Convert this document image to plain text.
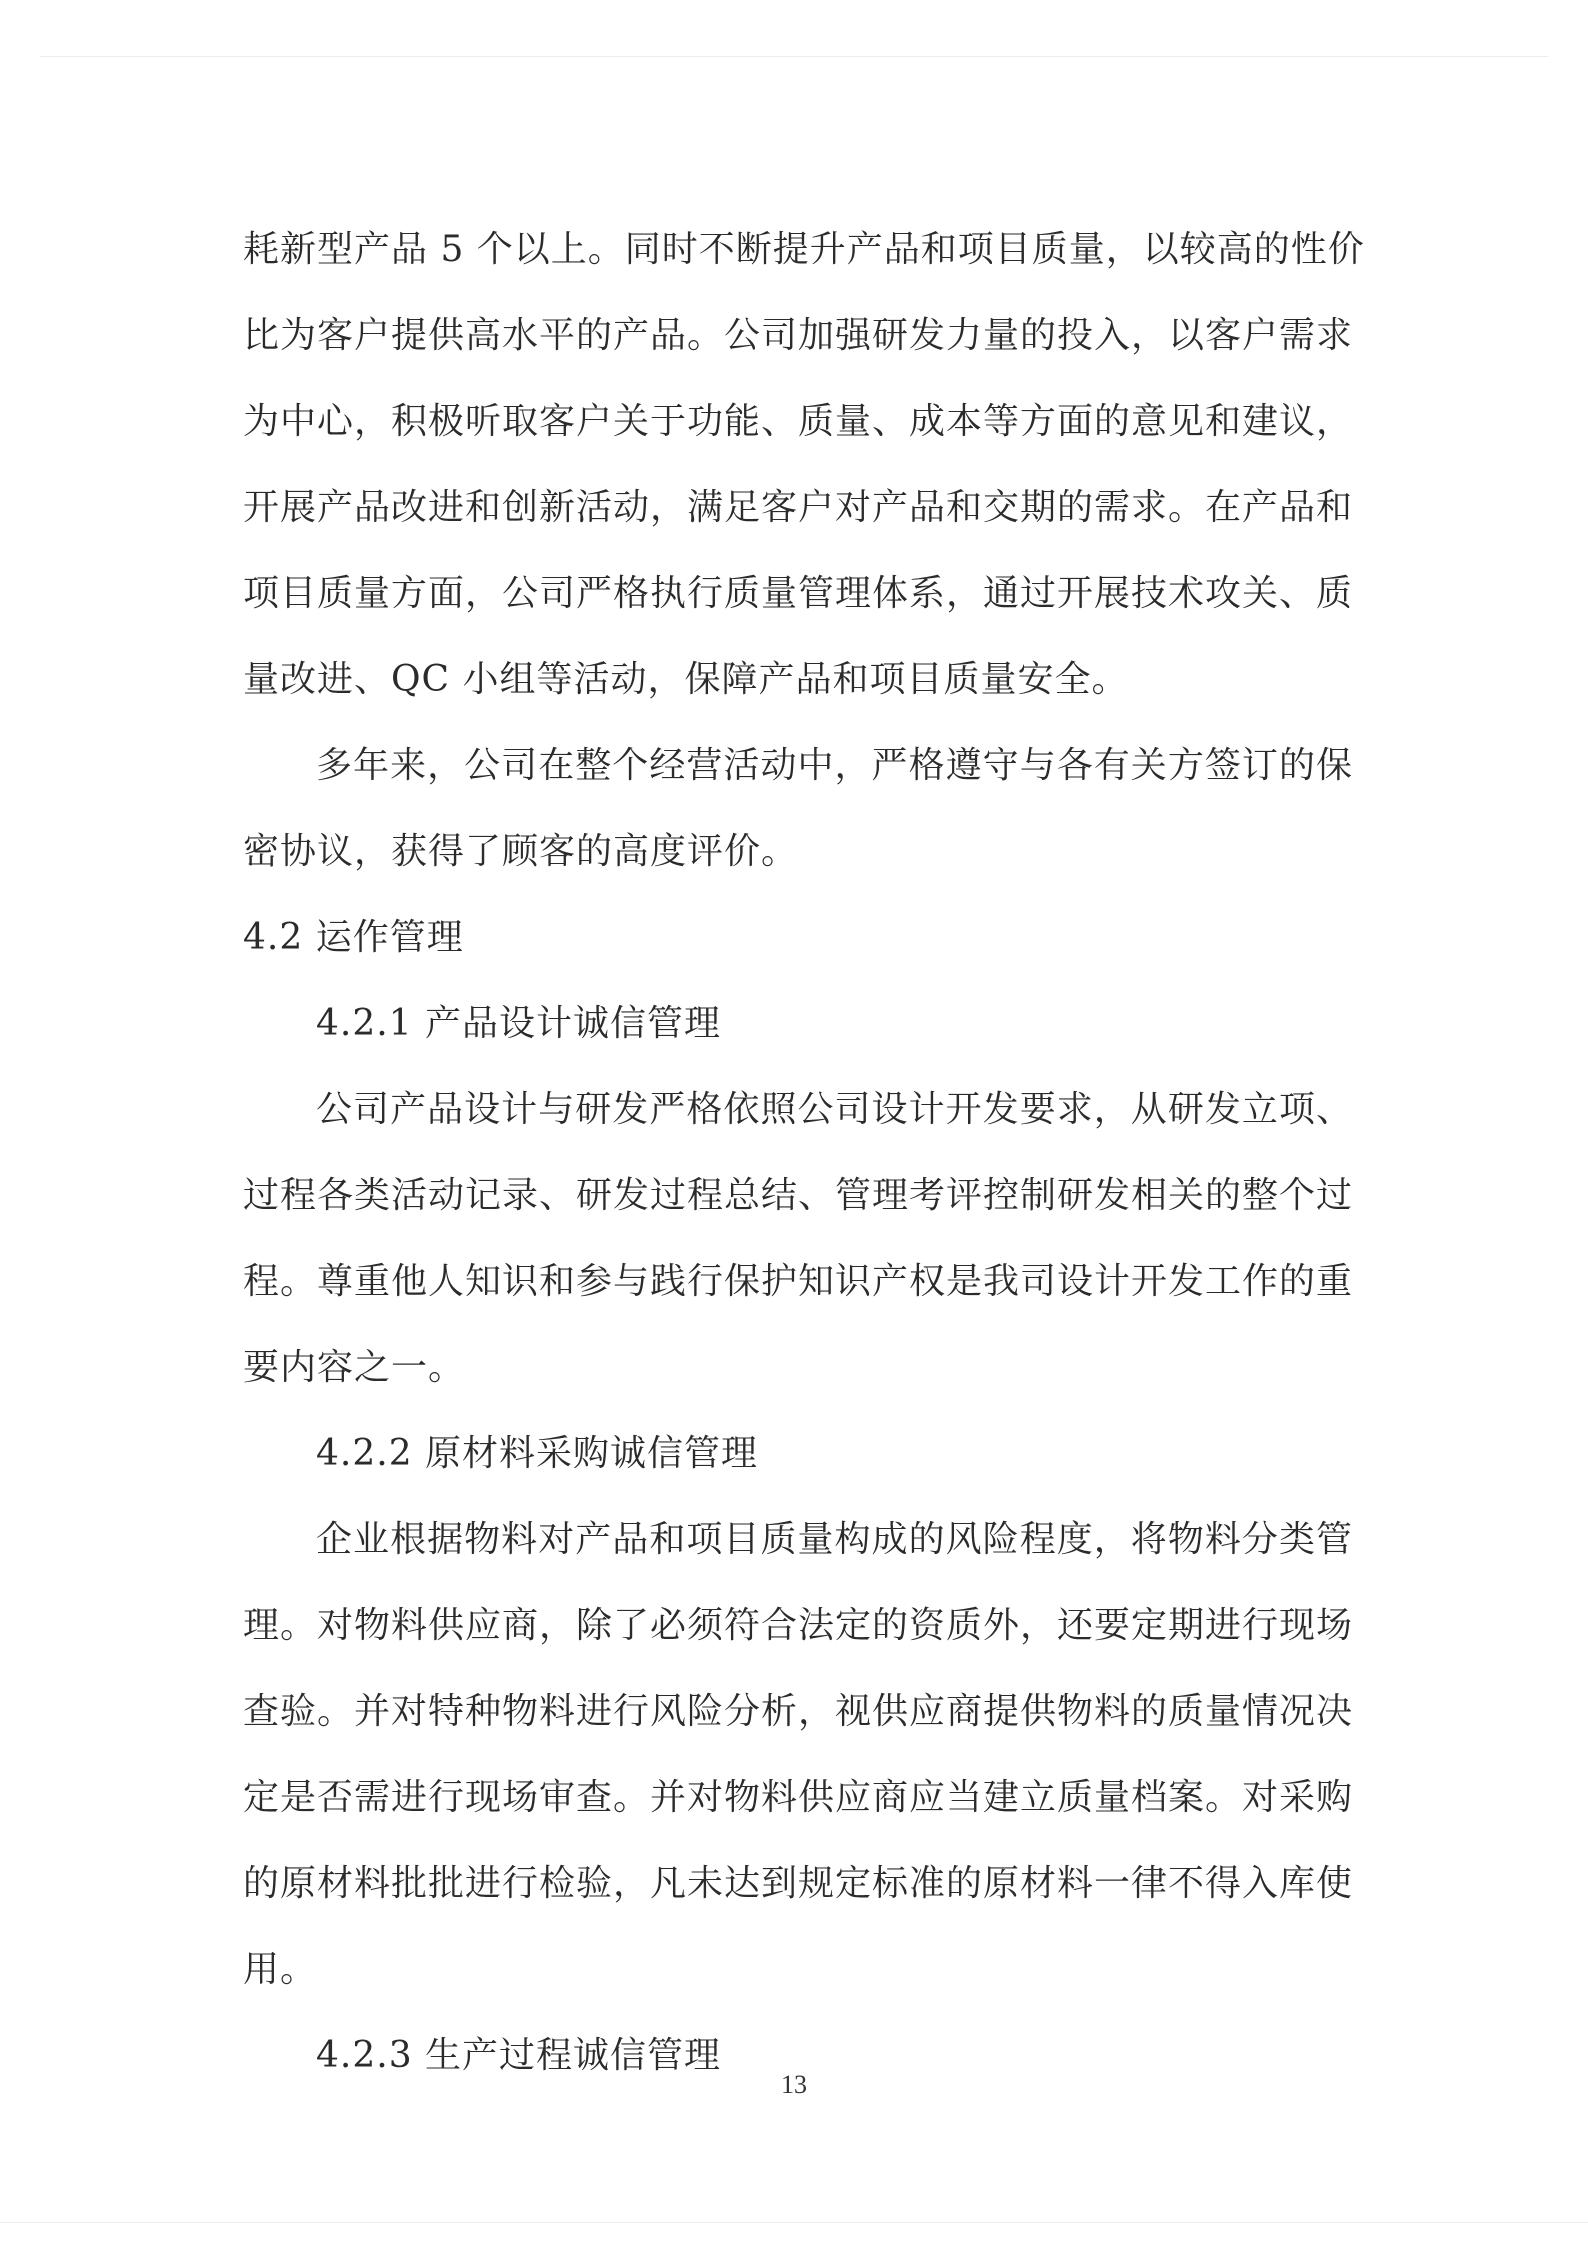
耗新型产品 5 个以上。同时不断提升产品和项目质量，以较高的性价
比为客户提供高水平的产品。公司加强研发力量的投入，以客户需求
为中心，积极听取客户关于功能、质量、成本等方面的意见和建议，
开展产品改进和创新活动，满足客户对产品和交期的需求。在产品和
项目质量方面，公司严格执行质量管理体系，通过开展技术攻关、质
量改进、QC 小组等活动，保障产品和项目质量安全。
多年来，公司在整个经营活动中，严格遵守与各有关方签订的保
密协议，获得了顾客的高度评价。
4.2 运作管理
4.2.1 产品设计诚信管理
公司产品设计与研发严格依照公司设计开发要求，从研发立项、
过程各类活动记录、研发过程总结、管理考评控制研发相关的整个过
程。尊重他人知识和参与践行保护知识产权是我司设计开发工作的重
要内容之一。
4.2.2 原材料采购诚信管理
企业根据物料对产品和项目质量构成的风险程度，将物料分类管
理。对物料供应商，除了必须符合法定的资质外，还要定期进行现场
查验。并对特种物料进行风险分析，视供应商提供物料的质量情况决
定是否需进行现场审查。并对物料供应商应当建立质量档案。对采购
的原材料批批进行检验，凡未达到规定标准的原材料一律不得入库使
用。
4.2.3 生产过程诚信管理
13
